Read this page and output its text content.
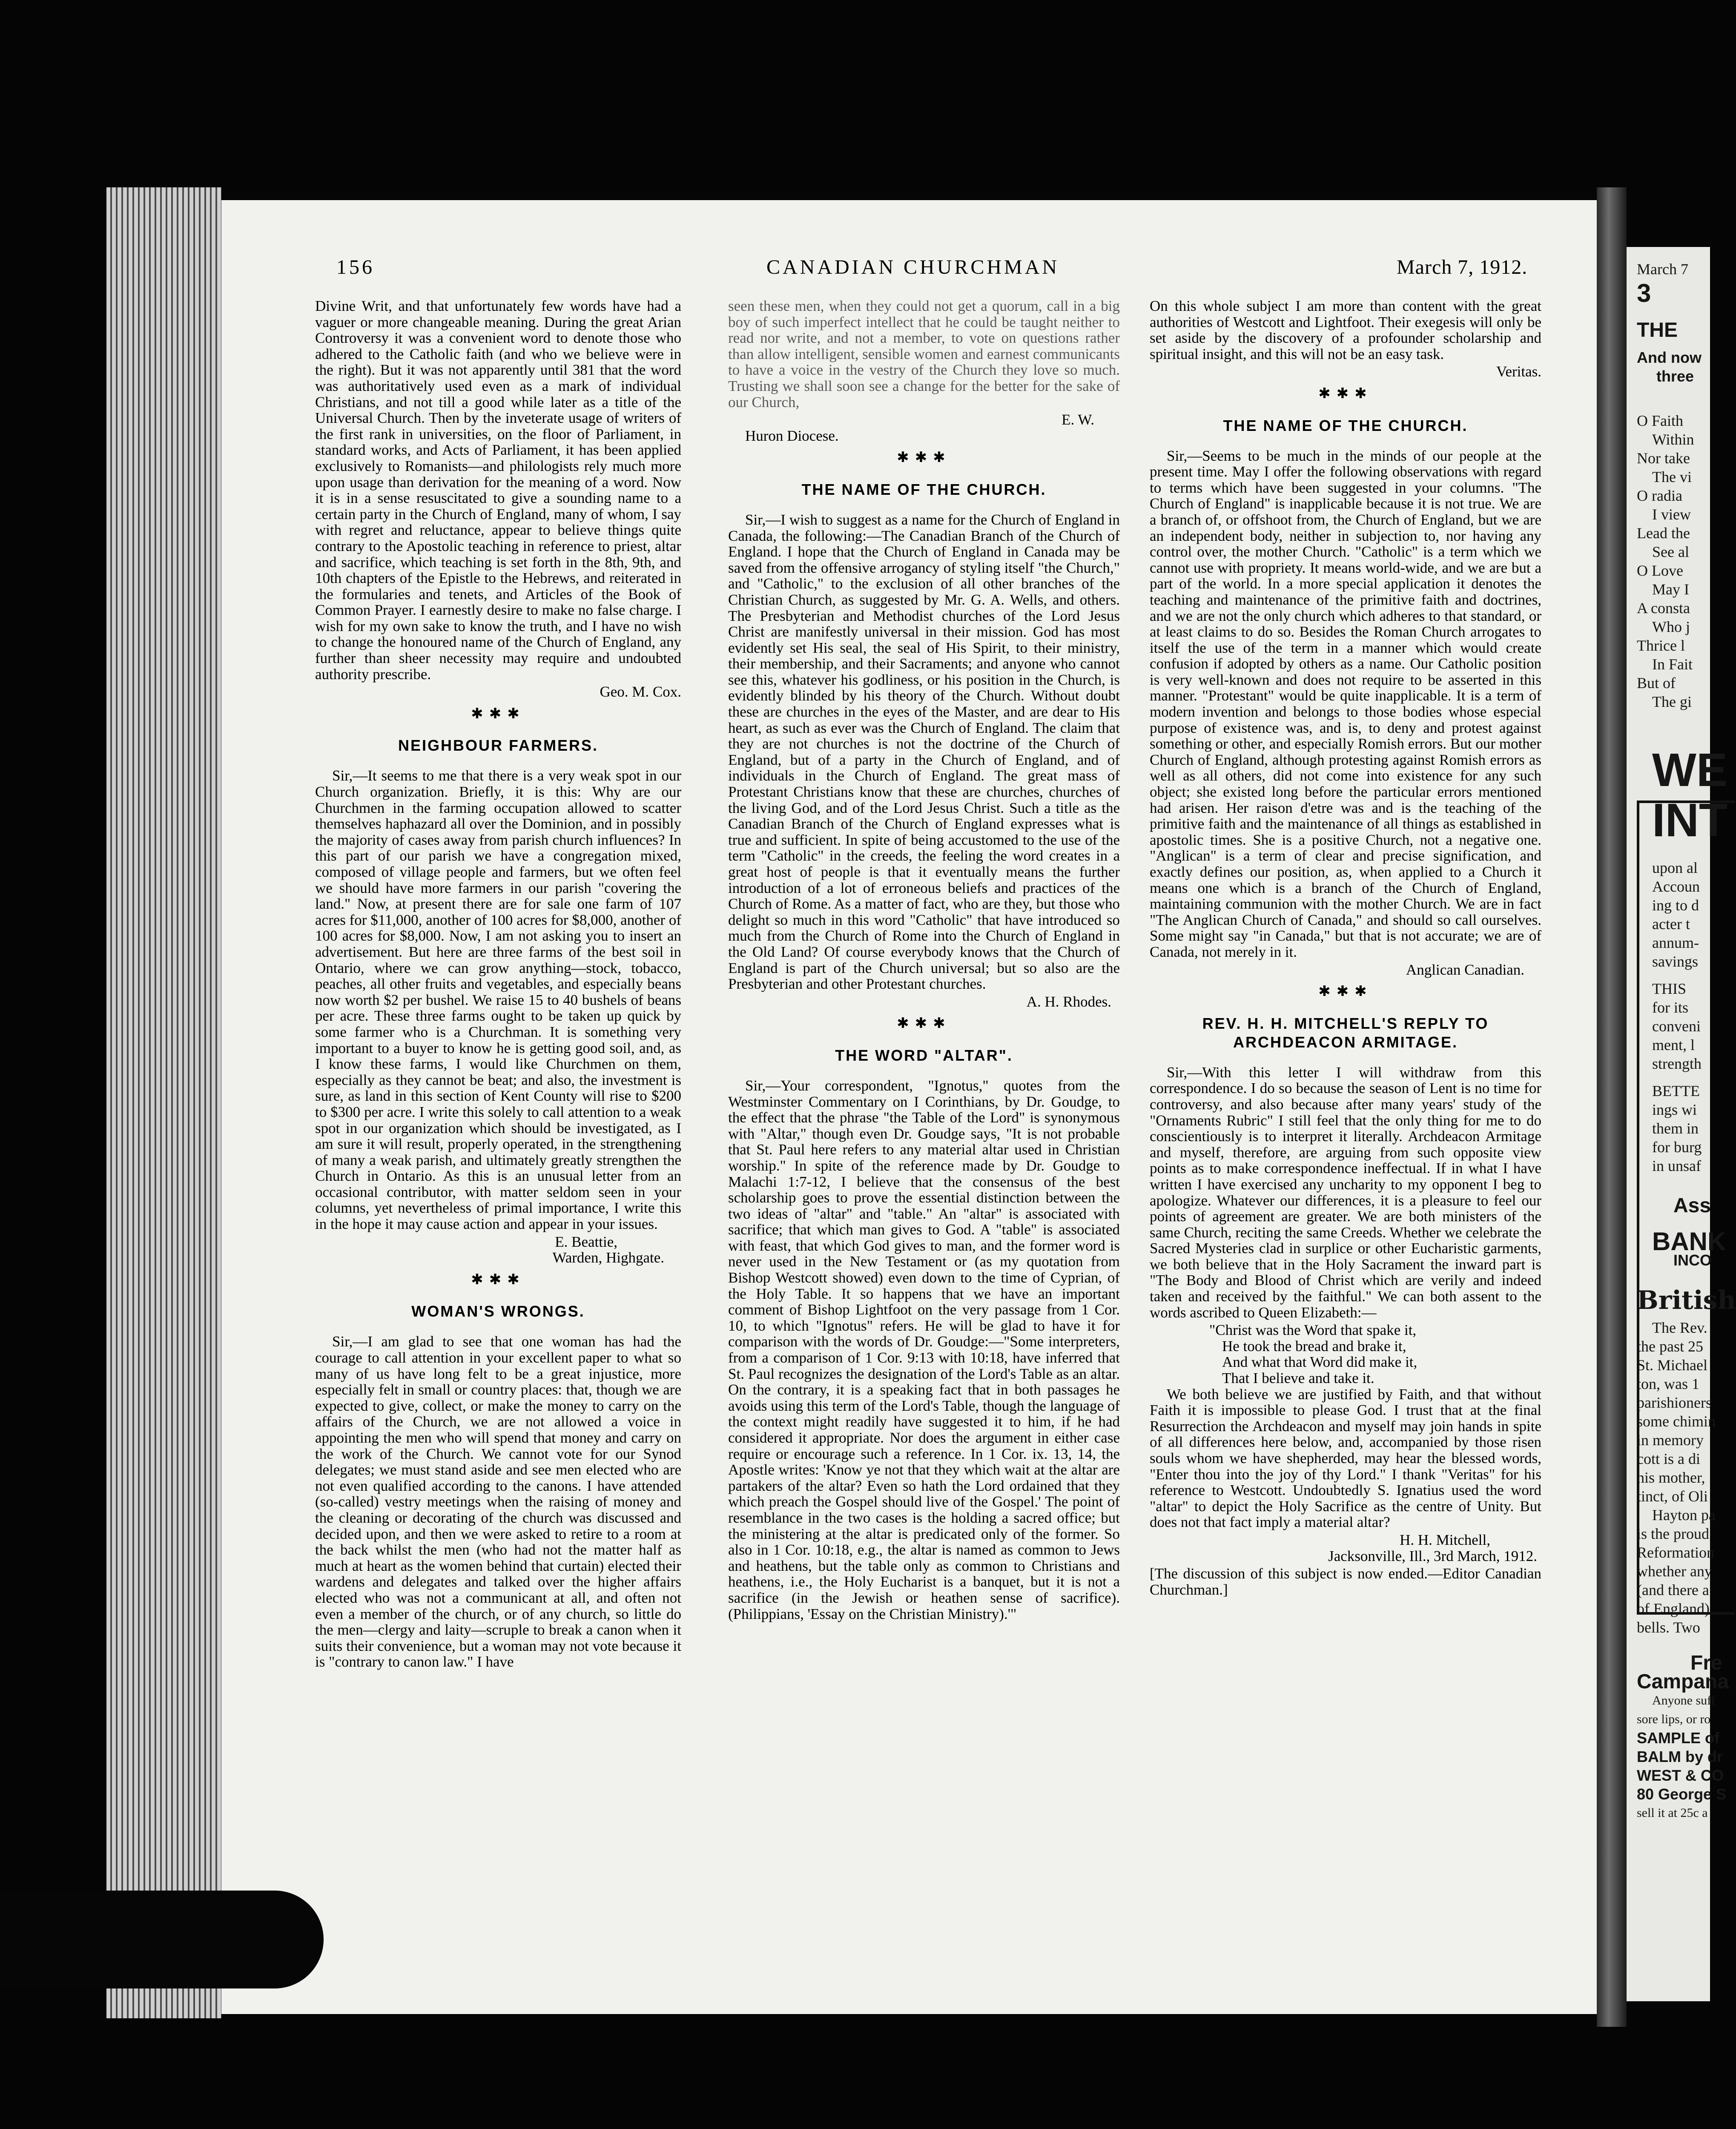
156	CANADIAN CHURCHMAN	March 7, 1912.

Divine Writ, and that unfortunately few words have had a vaguer or more changeable meaning. During the great Arian Controversy it was a convenient word to denote those who adhered to the Catholic faith (and who we believe were in the right). But it was not apparently until 381 that the word was authoritatively used even as a mark of individual Christians, and not till a good while later as a title of the Universal Church. Then by the inveterate usage of writers of the first rank in universities, on the floor of Parliament, in standard works, and Acts of Parliament, it has been applied exclusively to Romanists—and philologists rely much more upon usage than derivation for the meaning of a word. Now it is in a sense resuscitated to give a sounding name to a certain party in the Church of England, many of whom, I say with regret and reluctance, appear to believe things quite contrary to the Apostolic teaching in reference to priest, altar and sacrifice, which teaching is set forth in the 8th, 9th, and 10th chapters of the Epistle to the Hebrews, and reiterated in the formularies and tenets, and Articles of the Book of Common Prayer. I earnestly desire to make no false charge. I wish for my own sake to know the truth, and I have no wish to change the honoured name of the Church of England, any further than sheer necessity may require and undoubted authority prescribe.

Geo. M. Cox.

✱✱✱
NEIGHBOUR FARMERS.

Sir,—It seems to me that there is a very weak spot in our Church organization. Briefly, it is this: Why are our Churchmen in the farming occupation allowed to scatter themselves haphazard all over the Dominion, and in possibly the majority of cases away from parish church influences? In this part of our parish we have a congregation mixed, composed of village people and farmers, but we often feel we should have more farmers in our parish "covering the land." Now, at present there are for sale one farm of 107 acres for $11,000, another of 100 acres for $8,000, another of 100 acres for $8,000. Now, I am not asking you to insert an advertisement. But here are three farms of the best soil in Ontario, where we can grow anything—stock, tobacco, peaches, all other fruits and vegetables, and especially beans now worth $2 per bushel. We raise 15 to 40 bushels of beans per acre. These three farms ought to be taken up quick by some farmer who is a Churchman. It is something very important to a buyer to know he is getting good soil, and, as I know these farms, I would like Churchmen on them, especially as they cannot be beat; and also, the investment is sure, as land in this section of Kent County will rise to $200 to $300 per acre. I write this solely to call attention to a weak spot in our organization which should be investigated, as I am sure it will result, properly operated, in the strengthening of many a weak parish, and ultimately greatly strengthen the Church in Ontario. As this is an unusual letter from an occasional contributor, with matter seldom seen in your columns, yet nevertheless of primal importance, I write this in the hope it may cause action and appear in your issues.

E. Beattie,

Warden, Highgate.

✱✱✱
WOMAN'S WRONGS.

Sir,—I am glad to see that one woman has had the courage to call attention in your excellent paper to what so many of us have long felt to be a great injustice, more especially felt in small or country places: that, though we are expected to give, collect, or make the money to carry on the affairs of the Church, we are not allowed a voice in appointing the men who will spend that money and carry on the work of the Church. We cannot vote for our Synod delegates; we must stand aside and see men elected who are not even qualified according to the canons. I have attended (so-called) vestry meetings when the raising of money and the cleaning or decorating of the church was discussed and decided upon, and then we were asked to retire to a room at the back whilst the men (who had not the matter half as much at heart as the women behind that curtain) elected their wardens and delegates and talked over the higher affairs elected who was not a communicant at all, and often not even a member of the church, or of any church, so little do the men—clergy and laity—scruple to break a canon when it suits their convenience, but a woman may not vote because it is "contrary to canon law." I have

seen these men, when they could not get a quorum, call in a big boy of such imperfect intellect that he could be taught neither to read nor write, and not a member, to vote on questions rather than allow intelligent, sensible women and earnest communicants to have a voice in the vestry of the Church they love so much. Trusting we shall soon see a change for the better for the sake of our Church,

E. W.

Huron Diocese.

✱✱✱
THE NAME OF THE CHURCH.

Sir,—I wish to suggest as a name for the Church of England in Canada, the following:—The Canadian Branch of the Church of England. I hope that the Church of England in Canada may be saved from the offensive arrogancy of styling itself "the Church," and "Catholic," to the exclusion of all other branches of the Christian Church, as suggested by Mr. G. A. Wells, and others. The Presbyterian and Methodist churches of the Lord Jesus Christ are manifestly universal in their mission. God has most evidently set His seal, the seal of His Spirit, to their ministry, their membership, and their Sacraments; and anyone who cannot see this, whatever his godliness, or his position in the Church, is evidently blinded by his theory of the Church. Without doubt these are churches in the eyes of the Master, and are dear to His heart, as such as ever was the Church of England. The claim that they are not churches is not the doctrine of the Church of England, but of a party in the Church of England, and of individuals in the Church of England. The great mass of Protestant Christians know that these are churches, churches of the living God, and of the Lord Jesus Christ. Such a title as the Canadian Branch of the Church of England expresses what is true and sufficient. In spite of being accustomed to the use of the term "Catholic" in the creeds, the feeling the word creates in a great host of people is that it eventually means the further introduction of a lot of erroneous beliefs and practices of the Church of Rome. As a matter of fact, who are they, but those who delight so much in this word "Catholic" that have introduced so much from the Church of Rome into the Church of England in the Old Land? Of course everybody knows that the Church of England is part of the Church universal; but so also are the Presbyterian and other Protestant churches.

A. H. Rhodes.

✱✱✱
THE WORD "ALTAR".

Sir,—Your correspondent, "Ignotus," quotes from the Westminster Commentary on I Corinthians, by Dr. Goudge, to the effect that the phrase "the Table of the Lord" is synonymous with "Altar," though even Dr. Goudge says, "It is not probable that St. Paul here refers to any material altar used in Christian worship." In spite of the reference made by Dr. Goudge to Malachi 1:7-12, I believe that the consensus of the best scholarship goes to prove the essential distinction between the two ideas of "altar" and "table." An "altar" is associated with sacrifice; that which man gives to God. A "table" is associated with feast, that which God gives to man, and the former word is never used in the New Testament or (as my quotation from Bishop Westcott showed) even down to the time of Cyprian, of the Holy Table. It so happens that we have an important comment of Bishop Lightfoot on the very passage from 1 Cor. 10, to which "Ignotus" refers. He will be glad to have it for comparison with the words of Dr. Goudge:—"Some interpreters, from a comparison of 1 Cor. 9:13 with 10:18, have inferred that St. Paul recognizes the designation of the Lord's Table as an altar. On the contrary, it is a speaking fact that in both passages he avoids using this term of the Lord's Table, though the language of the context might readily have suggested it to him, if he had considered it appropriate. Nor does the argument in either case require or encourage such a reference. In 1 Cor. ix. 13, 14, the Apostle writes: 'Know ye not that they which wait at the altar are partakers of the altar? Even so hath the Lord ordained that they which preach the Gospel should live of the Gospel.' The point of resemblance in the two cases is the holding a sacred office; but the ministering at the altar is predicated only of the former. So also in 1 Cor. 10:18, e.g., the altar is named as common to Jews and heathens, but the table only as common to Christians and heathens, i.e., the Holy Eucharist is a banquet, but it is not a sacrifice (in the Jewish or heathen sense of sacrifice). (Philippians, 'Essay on the Christian Ministry).'"

On this whole subject I am more than content with the great authorities of Westcott and Lightfoot. Their exegesis will only be set aside by the discovery of a profounder scholarship and spiritual insight, and this will not be an easy task.

Veritas.

✱✱✱
THE NAME OF THE CHURCH.

Sir,—Seems to be much in the minds of our people at the present time. May I offer the following observations with regard to terms which have been suggested in your columns. "The Church of England" is inapplicable because it is not true. We are a branch of, or offshoot from, the Church of England, but we are an independent body, neither in subjection to, nor having any control over, the mother Church. "Catholic" is a term which we cannot use with propriety. It means world-wide, and we are but a part of the world. In a more special application it denotes the teaching and maintenance of the primitive faith and doctrines, and we are not the only church which adheres to that standard, or at least claims to do so. Besides the Roman Church arrogates to itself the use of the term in a manner which would create confusion if adopted by others as a name. Our Catholic position is very well-known and does not require to be asserted in this manner. "Protestant" would be quite inapplicable. It is a term of modern invention and belongs to those bodies whose especial purpose of existence was, and is, to deny and protest against something or other, and especially Romish errors. But our mother Church of England, although protesting against Romish errors as well as all others, did not come into existence for any such object; she existed long before the particular errors mentioned had arisen. Her raison d'etre was and is the teaching of the primitive faith and the maintenance of all things as established in apostolic times. She is a positive Church, not a negative one. "Anglican" is a term of clear and precise signification, and exactly defines our position, as, when applied to a Church it means one which is a branch of the Church of England, maintaining communion with the mother Church. We are in fact "The Anglican Church of Canada," and should so call ourselves. Some might say "in Canada," but that is not accurate; we are of Canada, not merely in it.

Anglican Canadian.

✱✱✱
REV. H. H. MITCHELL'S REPLY TO ARCHDEACON ARMITAGE.

Sir,—With this letter I will withdraw from this correspondence. I do so because the season of Lent is no time for controversy, and also because after many years' study of the "Ornaments Rubric" I still feel that the only thing for me to do conscientiously is to interpret it literally. Archdeacon Armitage and myself, therefore, are arguing from such opposite view points as to make correspondence ineffectual. If in what I have written I have exercised any uncharity to my opponent I beg to apologize. Whatever our differences, it is a pleasure to feel our points of agreement are greater. We are both ministers of the same Church, reciting the same Creeds. Whether we celebrate the Sacred Mysteries clad in surplice or other Eucharistic garments, we both believe that in the Holy Sacrament the inward part is "The Body and Blood of Christ which are verily and indeed taken and received by the faithful." We can both assent to the words ascribed to Queen Elizabeth:—

"Christ was the Word that spake it,

He took the bread and brake it,

And what that Word did make it,

That I believe and take it.

We both believe we are justified by Faith, and that without Faith it is impossible to please God. I trust that at the final Resurrection the Archdeacon and myself may join hands in spite of all differences here below, and, accompanied by those risen souls whom we have shepherded, may hear the blessed words, "Enter thou into the joy of thy Lord." I thank "Veritas" for his reference to Westcott. Undoubtedly S. Ignatius used the word "altar" to depict the Holy Sacrifice as the centre of Unity. But does not that fact imply a material altar?

H. H. Mitchell,

Jacksonville, Ill., 3rd March, 1912.

[The discussion of this subject is now ended.—Editor Canadian Churchman.]

March 7
3
THE
And now
three
O Faith
Within
Nor take
The vi
O radia
I view
Lead the
See al
O Love
May I
A consta
Who j
Thrice l
In Fait
But of
The gi
WE
INT
upon al
Accoun
ing to d
acter t
annum-
savings
THIS
for its
conveni
ment, l
strength
BETTE
ings wi
them in
for burg
in unsaf
Ass
BANK
INCO
British
The Rev.
the past 25
St. Michael
ton, was 1
parishioners
some chimin
in memory
cott is a di
his mother,
tinct, of Oli
Hayton pa
is the proud
Reformation
whether any
(and there a
of England)
bells. Two
Fre
Campana
Anyone suff
sore lips, or ro
SAMPLE of
BALM by dr
WEST & CO
80 George S
sell it at 25c a
